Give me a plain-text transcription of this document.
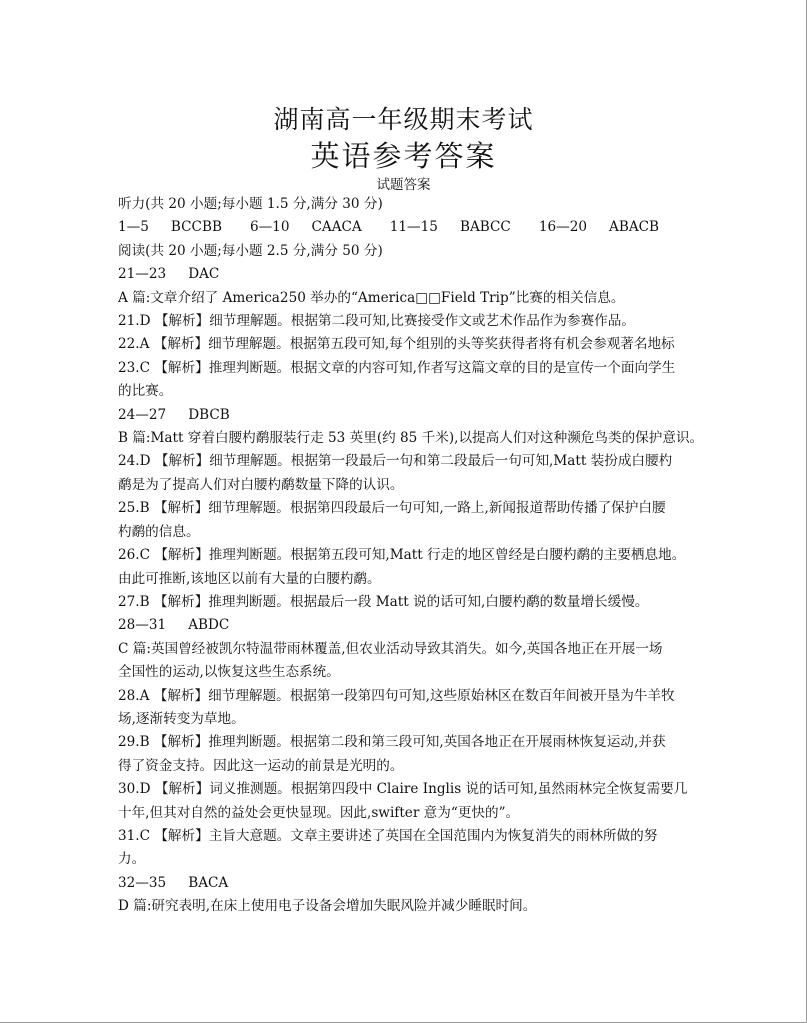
湖南高一年级期末考试
英语参考答案
试题答案
听力(共 20 小题;每小题 1.5 分,满分 30 分)
1—5 BCCBB 6—10 CAACA 11—15 BABCC 16—20 ABACB
阅读(共 20 小题;每小题 2.5 分,满分 50 分)
21—23 DAC
A 篇:文章介绍了 America250 举办的“America□□Field Trip”比赛的相关信息。
21.D 【解析】细节理解题。根据第二段可知,比赛接受作文或艺术作品作为参赛作品。
22.A 【解析】细节理解题。根据第五段可知,每个组别的头等奖获得者将有机会参观著名地标
23.C 【解析】推理判断题。根据文章的内容可知,作者写这篇文章的目的是宣传一个面向学生
的比赛。
24—27 DBCB
B 篇:Matt 穿着白腰杓鹬服装行走 53 英里(约 85 千米),以提高人们对这种濒危鸟类的保护意识。
24.D 【解析】细节理解题。根据第一段最后一句和第二段最后一句可知,Matt 装扮成白腰杓
鹬是为了提高人们对白腰杓鹬数量下降的认识。
25.B 【解析】细节理解题。根据第四段最后一句可知,一路上,新闻报道帮助传播了保护白腰
杓鹬的信息。
26.C 【解析】推理判断题。根据第五段可知,Matt 行走的地区曾经是白腰杓鹬的主要栖息地。
由此可推断,该地区以前有大量的白腰杓鹬。
27.B 【解析】推理判断题。根据最后一段 Matt 说的话可知,白腰杓鹬的数量增长缓慢。
28—31 ABDC
C 篇:英国曾经被凯尔特温带雨林覆盖,但农业活动导致其消失。如今,英国各地正在开展一场
全国性的运动,以恢复这些生态系统。
28.A 【解析】细节理解题。根据第一段第四句可知,这些原始林区在数百年间被开垦为牛羊牧
场,逐渐转变为草地。
29.B 【解析】推理判断题。根据第二段和第三段可知,英国各地正在开展雨林恢复运动,并获
得了资金支持。因此这一运动的前景是光明的。
30.D 【解析】词义推测题。根据第四段中 Claire Inglis 说的话可知,虽然雨林完全恢复需要几
十年,但其对自然的益处会更快显现。因此,swifter 意为“更快的”。
31.C 【解析】主旨大意题。文章主要讲述了英国在全国范围内为恢复消失的雨林所做的努
力。
32—35 BACA
D 篇:研究表明,在床上使用电子设备会增加失眠风险并减少睡眠时间。
